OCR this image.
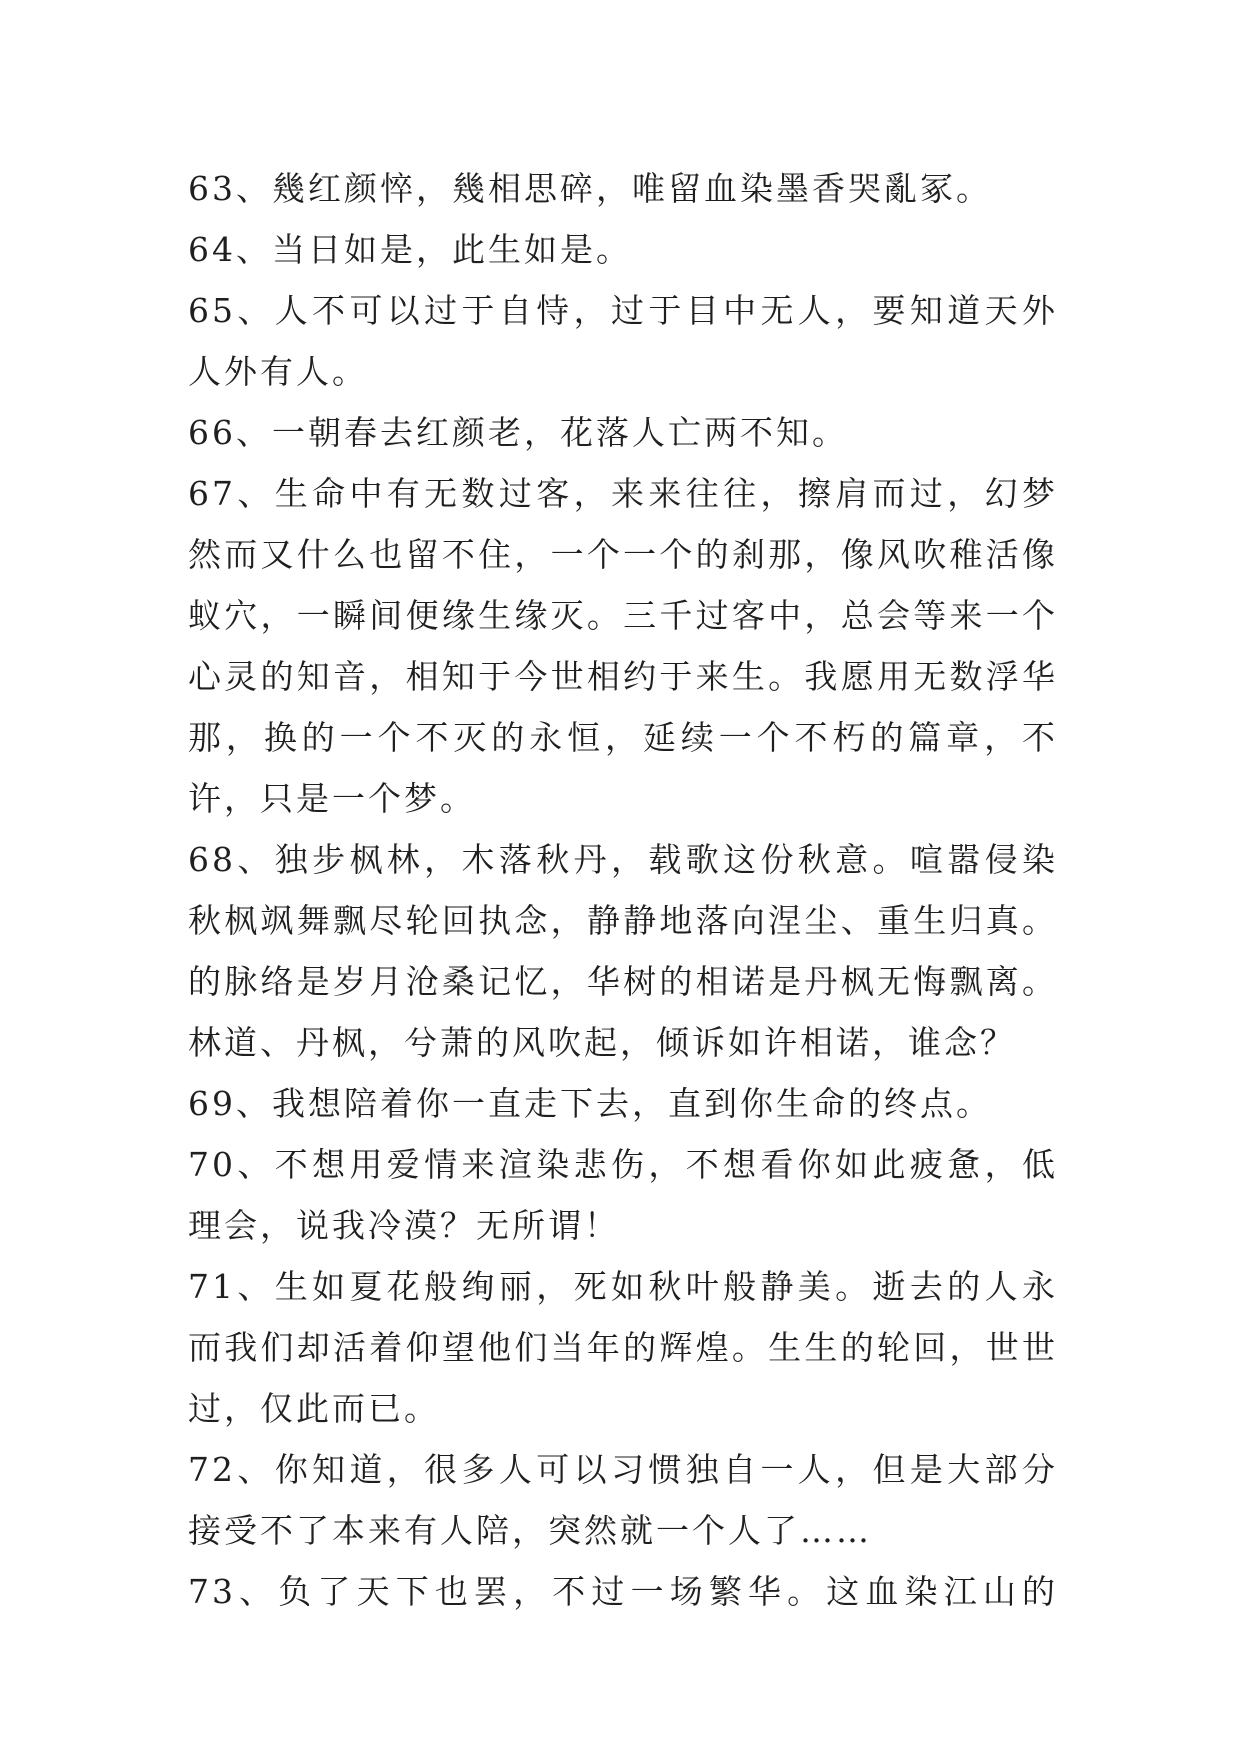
63、幾红颜悴，幾相思碎，唯留血染墨香哭亂冢。
64、当日如是，此生如是。
65、人不可以过于自恃，过于目中无人，要知道天外
人外有人。
66、一朝春去红颜老，花落人亡两不知。
67、生命中有无数过客，来来往往，擦肩而过，幻梦
然而又什么也留不住，一个一个的刹那，像风吹稚活像
蚁穴，一瞬间便缘生缘灭。三千过客中，总会等来一个
心灵的知音，相知于今世相约于来生。我愿用无数浮华
那，换的一个不灭的永恒，延续一个不朽的篇章，不
许，只是一个梦。
68、独步枫林，木落秋丹，载歌这份秋意。喧嚣侵染
秋枫飒舞飘尽轮回执念，静静地落向涅尘、重生归真。
的脉络是岁月沧桑记忆，华树的相诺是丹枫无悔飘离。
林道、丹枫，兮萧的风吹起，倾诉如许相诺，谁念？
69、我想陪着你一直走下去，直到你生命的终点。
70、不想用爱情来渲染悲伤，不想看你如此疲惫，低
理会，说我冷漠？无所谓！
71、生如夏花般绚丽，死如秋叶般静美。逝去的人永
而我们却活着仰望他们当年的辉煌。生生的轮回，世世
过，仅此而已。
72、你知道，很多人可以习惯独自一人，但是大部分
接受不了本来有人陪，突然就一个人了……
73、负了天下也罢，不过一场繁华。这血染江山的
